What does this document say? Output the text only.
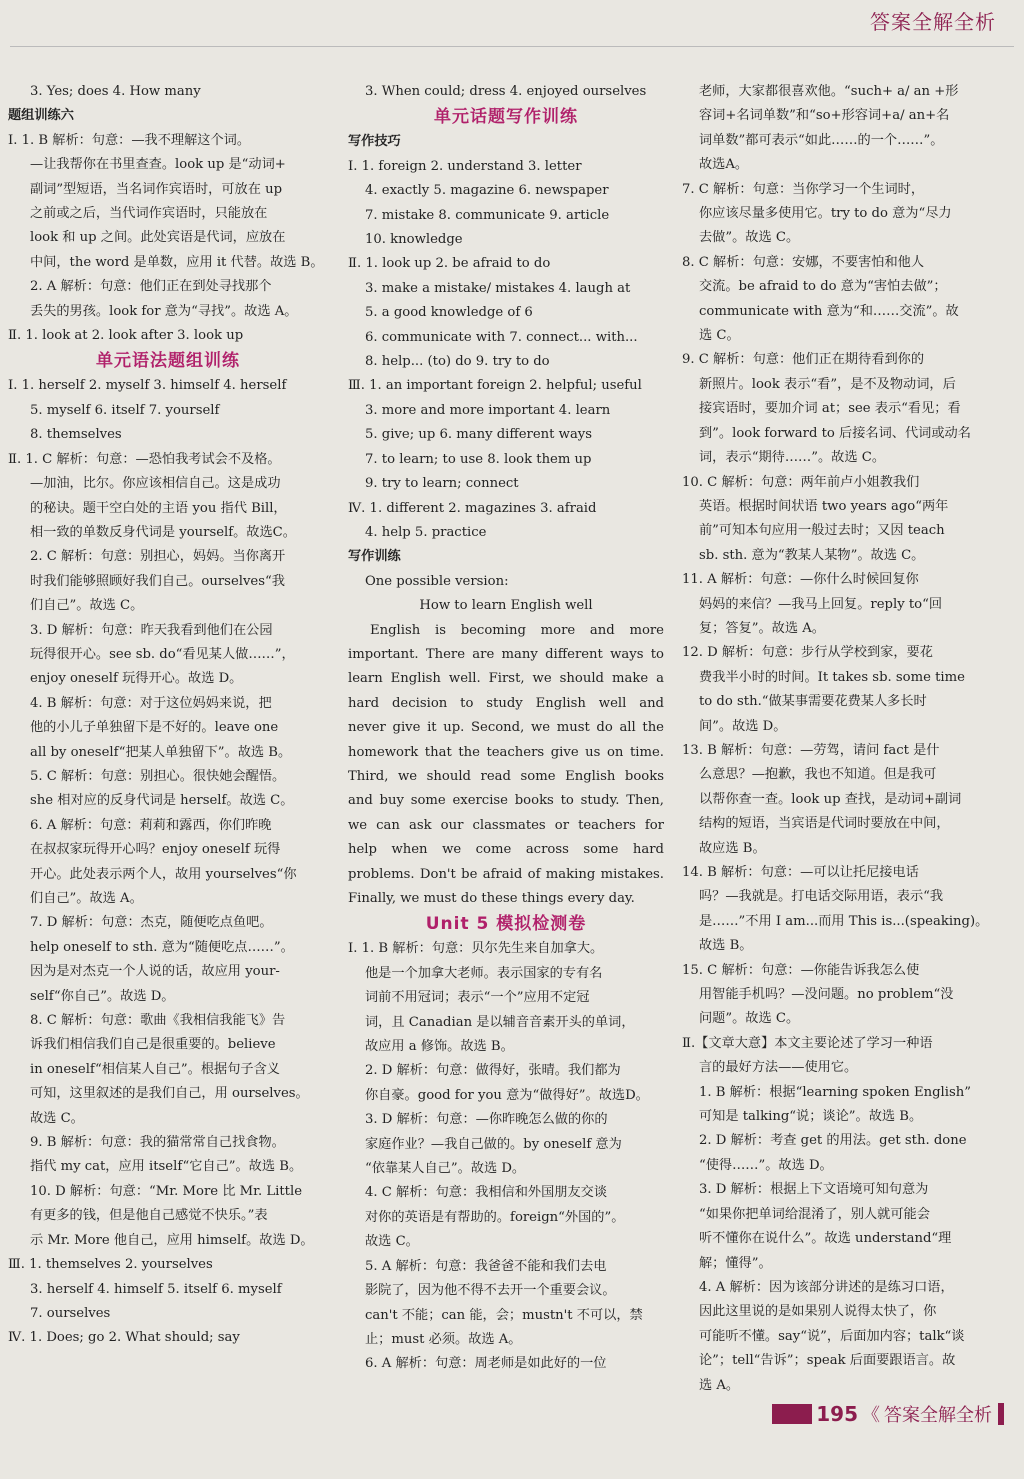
答案全解全析
3. Yes; does 4. How many
题组训练六
Ⅰ. 1. B 解析：句意：—我不理解这个词。
—让我帮你在书里查查。look up 是“动词+
副词”型短语，当名词作宾语时，可放在 up
之前或之后，当代词作宾语时，只能放在
look 和 up 之间。此处宾语是代词，应放在
中间，the word 是单数，应用 it 代替。故选 B。
2. A 解析：句意：他们正在到处寻找那个
丢失的男孩。look for 意为“寻找”。故选 A。
Ⅱ. 1. look at 2. look after 3. look up
单元语法题组训练
Ⅰ. 1. herself 2. myself 3. himself 4. herself
5. myself 6. itself 7. yourself
8. themselves
Ⅱ. 1. C 解析：句意：—恐怕我考试会不及格。
—加油，比尔。你应该相信自己。这是成功
的秘诀。题干空白处的主语 you 指代 Bill，
相一致的单数反身代词是 yourself。故选C。
2. C 解析：句意：别担心，妈妈。当你离开
时我们能够照顾好我们自己。ourselves“我
们自己”。故选 C。
3. D 解析：句意：昨天我看到他们在公园
玩得很开心。see sb. do“看见某人做……”，
enjoy oneself 玩得开心。故选 D。
4. B 解析：句意：对于这位妈妈来说，把
他的小儿子单独留下是不好的。leave one
all by oneself“把某人单独留下”。故选 B。
5. C 解析：句意：别担心。很快她会醒悟。
she 相对应的反身代词是 herself。故选 C。
6. A 解析：句意：莉莉和露西，你们昨晚
在叔叔家玩得开心吗？enjoy oneself 玩得
开心。此处表示两个人，故用 yourselves“你
们自己”。故选 A。
7. D 解析：句意：杰克，随便吃点鱼吧。
help oneself to sth. 意为“随便吃点……”。
因为是对杰克一个人说的话，故应用 your-
self“你自己”。故选 D。
8. C 解析：句意：歌曲《我相信我能飞》告
诉我们相信我们自己是很重要的。believe
in oneself“相信某人自己”。根据句子含义
可知，这里叙述的是我们自己，用 ourselves。
故选 C。
9. B 解析：句意：我的猫常常自己找食物。
指代 my cat，应用 itself“它自己”。故选 B。
10. D 解析：句意：“Mr. More 比 Mr. Little
有更多的钱，但是他自己感觉不快乐。”表
示 Mr. More 他自己，应用 himself。故选 D。
Ⅲ. 1. themselves 2. yourselves
3. herself 4. himself 5. itself 6. myself
7. ourselves
Ⅳ. 1. Does; go 2. What should; say
3. When could; dress 4. enjoyed ourselves
单元话题写作训练
写作技巧
Ⅰ. 1. foreign 2. understand 3. letter
4. exactly 5. magazine 6. newspaper
7. mistake 8. communicate 9. article
10. knowledge
Ⅱ. 1. look up 2. be afraid to do
3. make a mistake/ mistakes 4. laugh at
5. a good knowledge of 6
6. communicate with 7. connect... with...
8. help... (to) do 9. try to do
Ⅲ. 1. an important foreign 2. helpful; useful
3. more and more important 4. learn
5. give; up 6. many different ways
7. to learn; to use 8. look them up
9. try to learn; connect
Ⅳ. 1. different 2. magazines 3. afraid
4. help 5. practice
写作训练
One possible version:
How to learn English well
English is becoming more and more
important. There are many different ways to
learn English well. First, we should make a
hard decision to study English well and
never give it up. Second, we must do all the
homework that the teachers give us on time.
Third, we should read some English books
and buy some exercise books to study. Then,
we can ask our classmates or teachers for
help when we come across some hard
problems. Don't be afraid of making mistakes.
Finally, we must do these things every day.
Unit 5 模拟检测卷
Ⅰ. 1. B 解析：句意：贝尔先生来自加拿大。
他是一个加拿大老师。表示国家的专有名
词前不用冠词；表示“一个”应用不定冠
词，且 Canadian 是以辅音音素开头的单词，
故应用 a 修饰。故选 B。
2. D 解析：句意：做得好，张晴。我们都为
你自豪。good for you 意为“做得好”。故选D。
3. D 解析：句意：—你昨晚怎么做的你的
家庭作业？—我自己做的。by oneself 意为
“依靠某人自己”。故选 D。
4. C 解析：句意：我相信和外国朋友交谈
对你的英语是有帮助的。foreign“外国的”。
故选 C。
5. A 解析：句意：我爸爸不能和我们去电
影院了，因为他不得不去开一个重要会议。
can't 不能；can 能，会；mustn't 不可以，禁
止；must 必须。故选 A。
6. A 解析：句意：周老师是如此好的一位
老师，大家都很喜欢他。“such+ a/ an +形
容词+名词单数”和“so+形容词+a/ an+名
词单数”都可表示“如此……的一个……”。
故选A。
7. C 解析：句意：当你学习一个生词时，
你应该尽量多使用它。try to do 意为“尽力
去做”。故选 C。
8. C 解析：句意：安娜，不要害怕和他人
交流。be afraid to do 意为“害怕去做”；
communicate with 意为“和……交流”。故
选 C。
9. C 解析：句意：他们正在期待看到你的
新照片。look 表示“看”，是不及物动词，后
接宾语时，要加介词 at；see 表示“看见；看
到”。look forward to 后接名词、代词或动名
词，表示“期待……”。故选 C。
10. C 解析：句意：两年前卢小姐教我们
英语。根据时间状语 two years ago“两年
前”可知本句应用一般过去时；又因 teach
sb. sth. 意为“教某人某物”。故选 C。
11. A 解析：句意：—你什么时候回复你
妈妈的来信？—我马上回复。reply to“回
复；答复”。故选 A。
12. D 解析：句意：步行从学校到家，要花
费我半小时的时间。It takes sb. some time
to do sth.“做某事需要花费某人多长时
间”。故选 D。
13. B 解析：句意：—劳驾，请问 fact 是什
么意思？—抱歉，我也不知道。但是我可
以帮你查一查。look up 查找，是动词+副词
结构的短语，当宾语是代词时要放在中间，
故应选 B。
14. B 解析：句意：—可以让托尼接电话
吗？—我就是。打电话交际用语，表示“我
是……”不用 I am...而用 This is...(speaking)。
故选 B。
15. C 解析：句意：—你能告诉我怎么使
用智能手机吗？—没问题。no problem“没
问题”。故选 C。
Ⅱ.【文章大意】本文主要论述了学习一种语
言的最好方法——使用它。
1. B 解析：根据“learning spoken English”
可知是 talking“说；谈论”。故选 B。
2. D 解析：考查 get 的用法。get sth. done
“使得……”。故选 D。
3. D 解析：根据上下文语境可知句意为
“如果你把单词给混淆了，别人就可能会
听不懂你在说什么”。故选 understand“理
解；懂得”。
4. A 解析：因为该部分讲述的是练习口语，
因此这里说的是如果别人说得太快了，你
可能听不懂。say“说”，后面加内容；talk“谈
论”；tell“告诉”；speak 后面要跟语言。故
选 A。
195 《 答案全解全析
